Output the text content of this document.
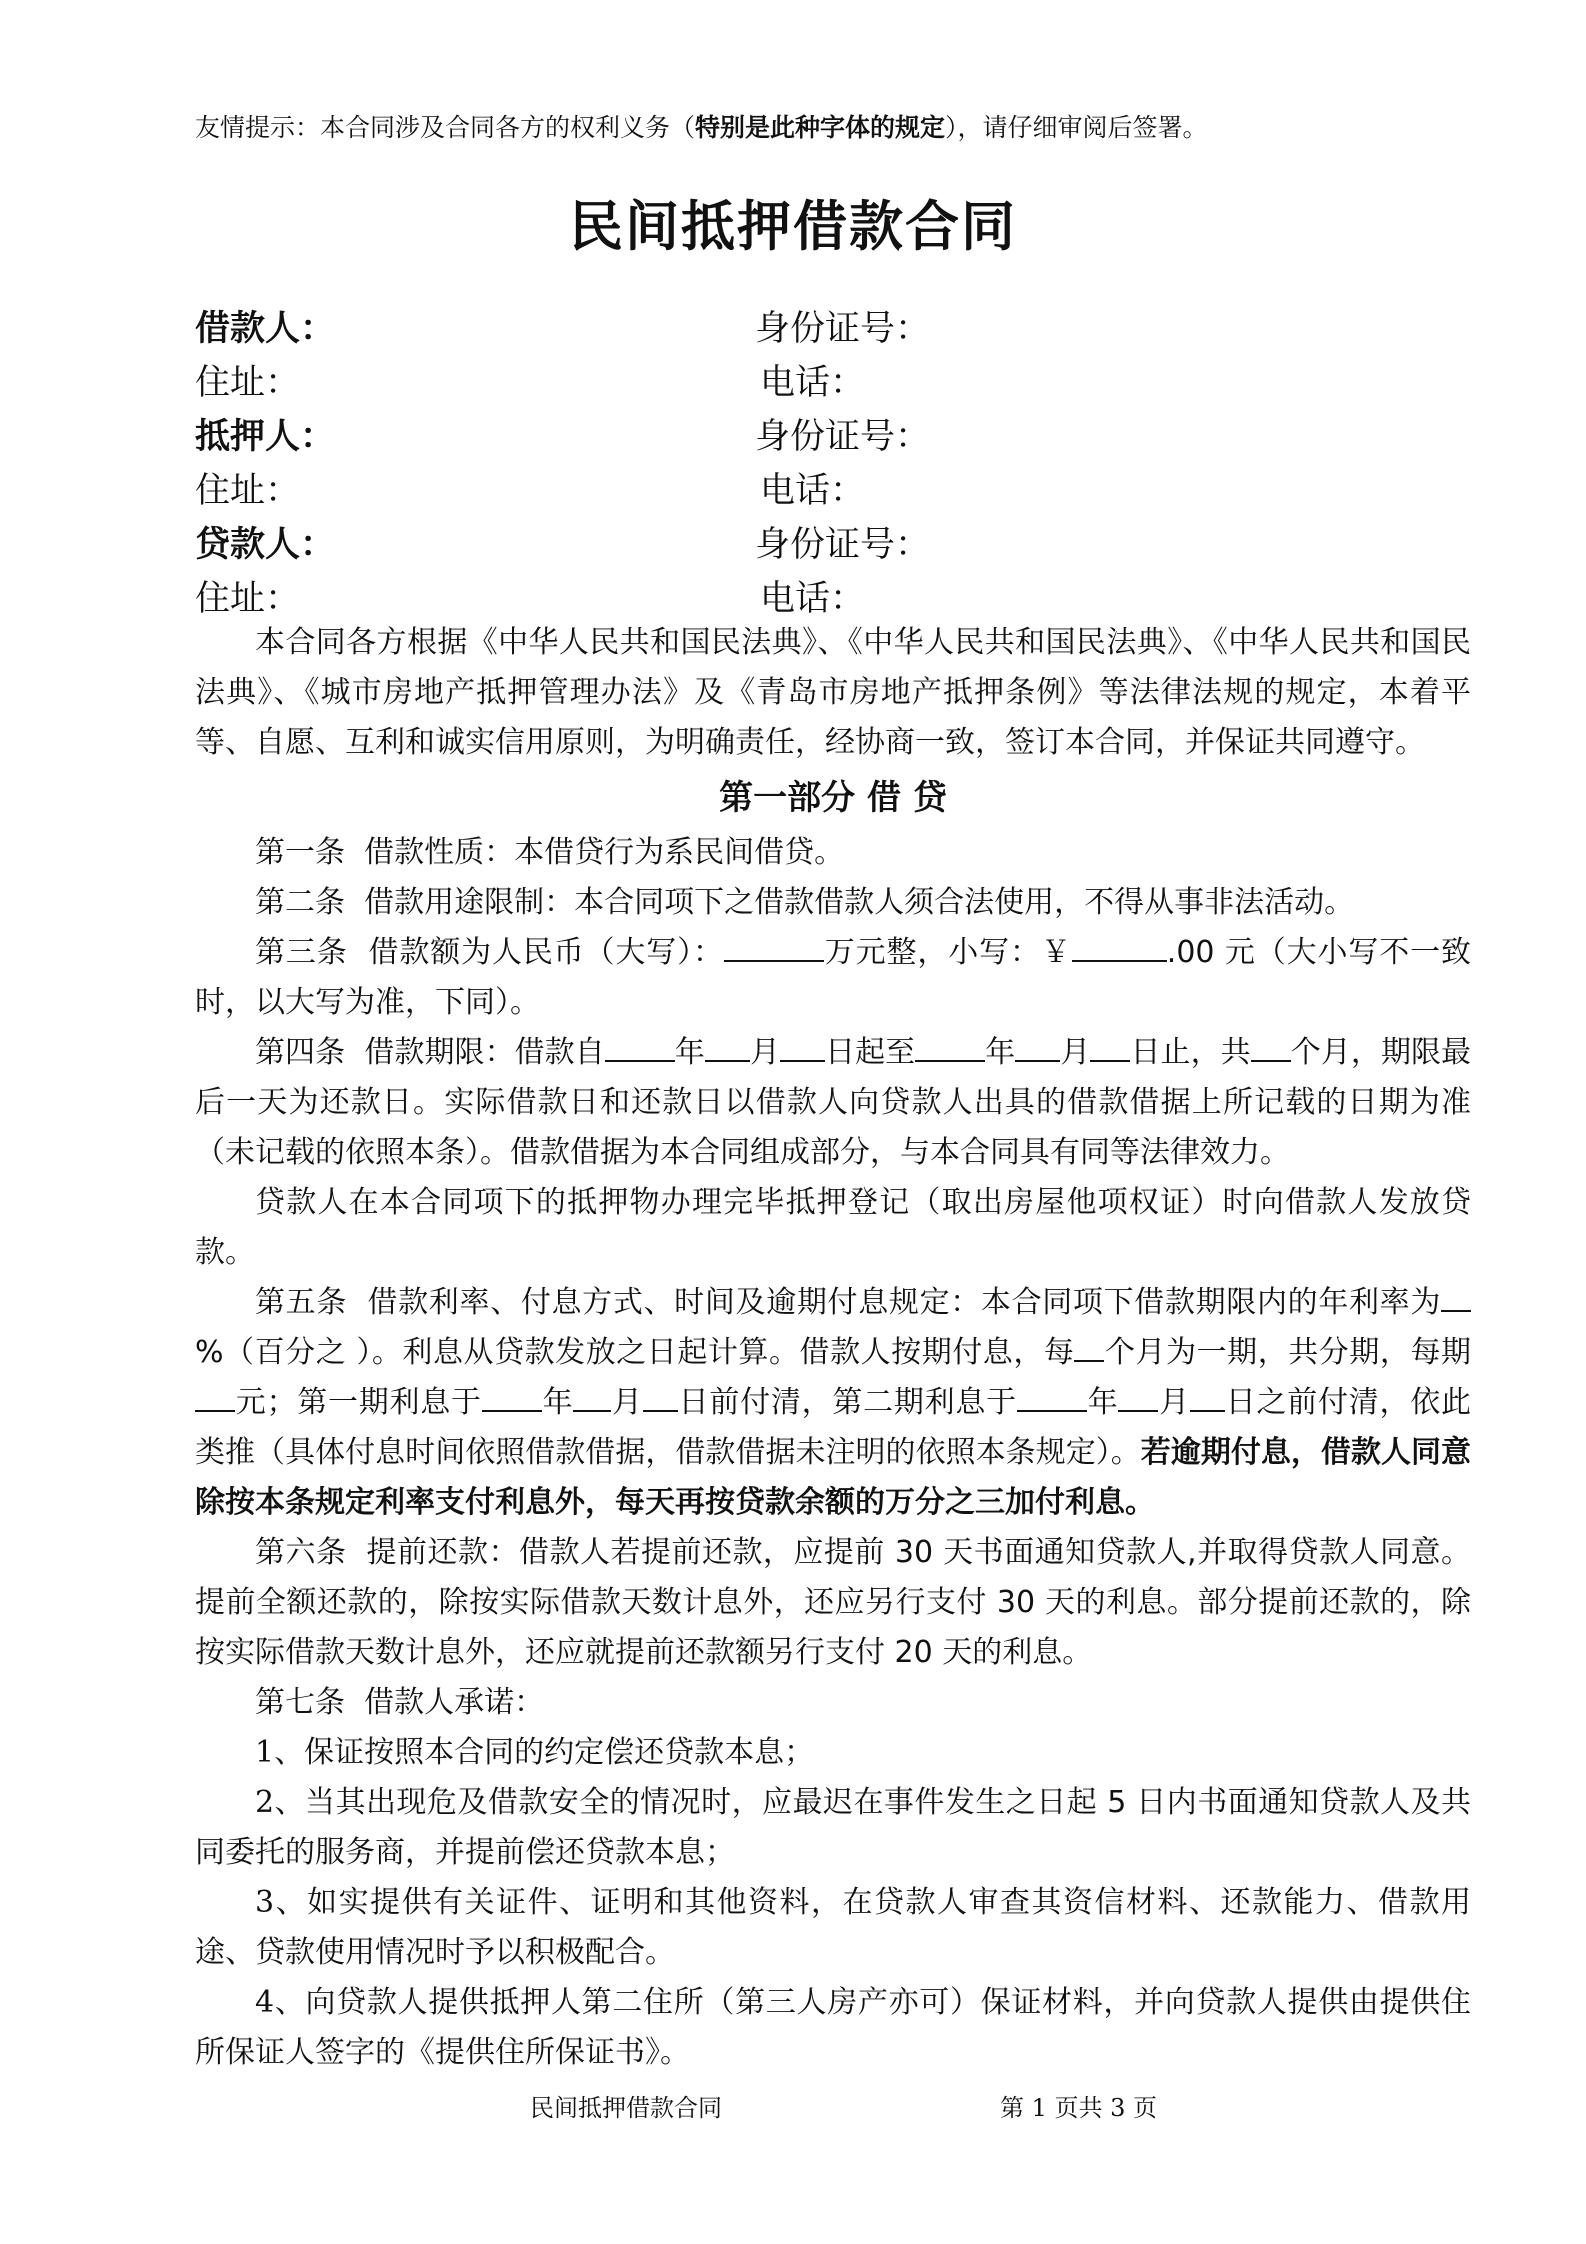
友情提示：本合同涉及合同各方的权利义务（特别是此种字体的规定），请仔细审阅后签署。
民间抵押借款合同
借款人：	身份证号：
住址：	电话：
抵押人：	身份证号：
住址：	电话：
贷款人：	身份证号：
住址：	电话：

本合同各方根据《中华人民共和国民法典》、《中华人民共和国民法典》、《中华人民共和国民法典》、《城市房地产抵押管理办法》及《青岛市房地产抵押条例》等法律法规的规定，本着平等、自愿、互利和诚实信用原则，为明确责任，经协商一致，签订本合同，并保证共同遵守。

第一部分 借 贷

第一条 借款性质：本借贷行为系民间借贷。

第二条 借款用途限制：本合同项下之借款借款人须合法使用，不得从事非法活动。

第三条 借款额为人民币（大写）：	万元整，小写：￥	.00 元（大小写不一致时，以大写为准，下同）。

第四条 借款期限：借款自 年 月 日起至 年 月 日止，共 个月，期限最后一天为还款日。实际借款日和还款日以借款人向贷款人出具的借款借据上所记载的日期为准（未记载的依照本条）。借款借据为本合同组成部分，与本合同具有同等法律效力。

贷款人在本合同项下的抵押物办理完毕抵押登记（取出房屋他项权证）时向借款人发放贷款。

第五条 借款利率、付息方式、时间及逾期付息规定：本合同项下借款期限内的年利率为%（百分之 ）。利息从贷款发放之日起计算。借款人按期付息，每 个月为一期，共分期，每期元；第一期利息于 年 月 日前付清，第二期利息于 年 月 日之前付清，依此类推（具体付息时间依照借款借据，借款借据未注明的依照本条规定）。若逾期付息，借款人同意除按本条规定利率支付利息外，每天再按贷款余额的万分之三加付利息。

第六条 提前还款：借款人若提前还款，应提前 30 天书面通知贷款人,并取得贷款人同意。提前全额还款的，除按实际借款天数计息外，还应另行支付 30 天的利息。部分提前还款的，除按实际借款天数计息外，还应就提前还款额另行支付 20 天的利息。

第七条 借款人承诺：

1、保证按照本合同的约定偿还贷款本息；

2、当其出现危及借款安全的情况时，应最迟在事件发生之日起 5 日内书面通知贷款人及共同委托的服务商，并提前偿还贷款本息；

3、如实提供有关证件、证明和其他资料，在贷款人审查其资信材料、还款能力、借款用途、贷款使用情况时予以积极配合。

4、向贷款人提供抵押人第二住所（第三人房产亦可）保证材料，并向贷款人提供由提供住所保证人签字的《提供住所保证书》。

民间抵押借款合同	第 1 页共 3 页
